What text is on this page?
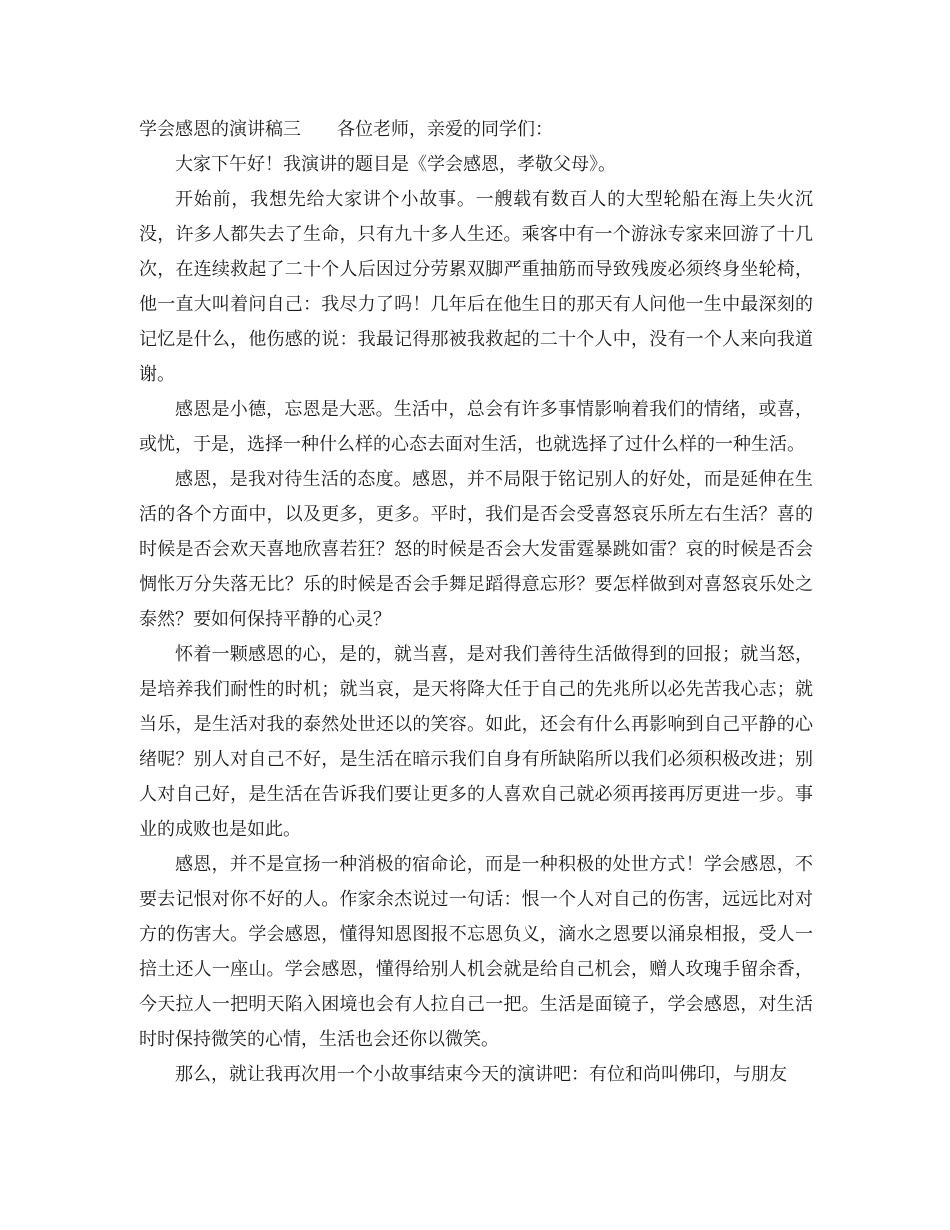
学会感恩的演讲稿三 各位老师，亲爱的同学们：

大家下午好！我演讲的题目是《学会感恩，孝敬父母》。

开始前，我想先给大家讲个小故事。一艘载有数百人的大型轮船在海上失火沉没，许多人都失去了生命，只有九十多人生还。乘客中有一个游泳专家来回游了十几次，在连续救起了二十个人后因过分劳累双脚严重抽筋而导致残废必须终身坐轮椅，他一直大叫着问自己：我尽力了吗！几年后在他生日的那天有人问他一生中最深刻的记忆是什么，他伤感的说：我最记得那被我救起的二十个人中，没有一个人来向我道谢。

感恩是小德，忘恩是大恶。生活中，总会有许多事情影响着我们的情绪，或喜，或忧，于是，选择一种什么样的心态去面对生活，也就选择了过什么样的一种生活。

感恩，是我对待生活的态度。感恩，并不局限于铭记别人的好处，而是延伸在生活的各个方面中，以及更多，更多。平时，我们是否会受喜怒哀乐所左右生活？喜的时候是否会欢天喜地欣喜若狂？怒的时候是否会大发雷霆暴跳如雷？哀的时候是否会惆怅万分失落无比？乐的时候是否会手舞足蹈得意忘形？要怎样做到对喜怒哀乐处之泰然？要如何保持平静的心灵？

怀着一颗感恩的心，是的，就当喜，是对我们善待生活做得到的回报；就当怒，是培养我们耐性的时机；就当哀，是天将降大任于自己的先兆所以必先苦我心志；就当乐，是生活对我的泰然处世还以的笑容。如此，还会有什么再影响到自己平静的心绪呢？别人对自己不好，是生活在暗示我们自身有所缺陷所以我们必须积极改进；别人对自己好，是生活在告诉我们要让更多的人喜欢自己就必须再接再厉更进一步。事业的成败也是如此。

感恩，并不是宣扬一种消极的宿命论，而是一种积极的处世方式！学会感恩，不要去记恨对你不好的人。作家余杰说过一句话：恨一个人对自己的伤害，远远比对对方的伤害大。学会感恩，懂得知恩图报不忘恩负义，滴水之恩要以涌泉相报，受人一掊土还人一座山。学会感恩，懂得给别人机会就是给自己机会，赠人玫瑰手留余香，今天拉人一把明天陷入困境也会有人拉自己一把。生活是面镜子，学会感恩，对生活时时保持微笑的心情，生活也会还你以微笑。

那么，就让我再次用一个小故事结束今天的演讲吧：有位和尚叫佛印，与朋友
